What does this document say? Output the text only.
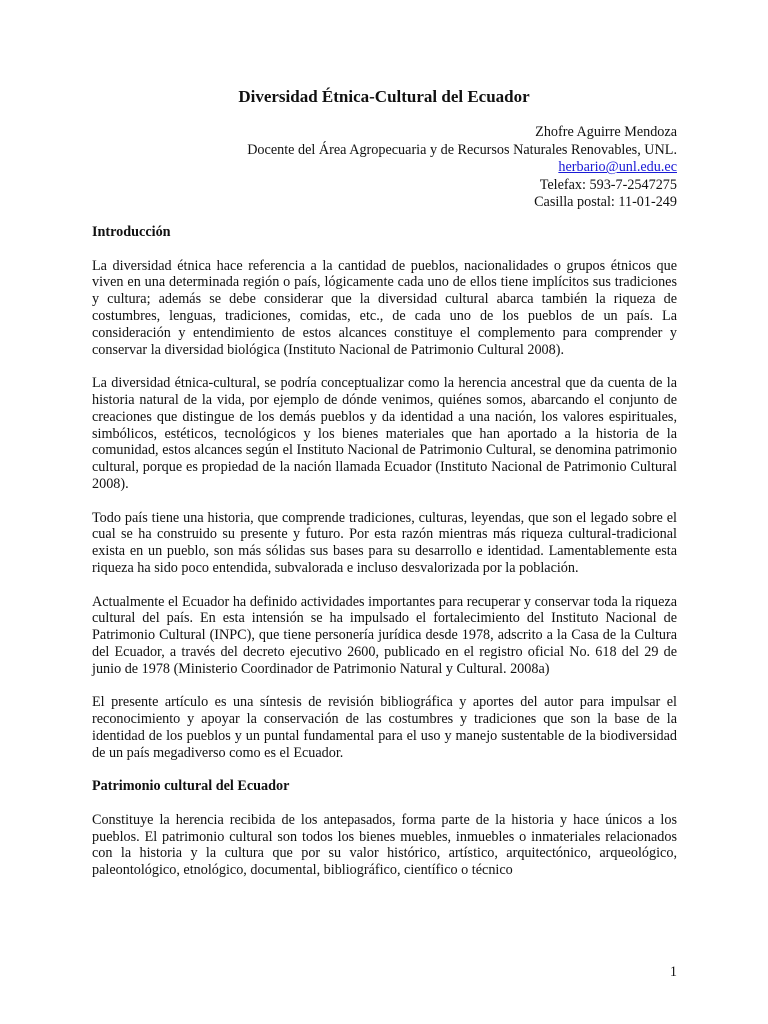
Diversidad Étnica-Cultural del Ecuador
Zhofre Aguirre Mendoza
Docente del Área Agropecuaria y de Recursos Naturales Renovables, UNL.
herbario@unl.edu.ec
Telefax: 593-7-2547275
Casilla postal: 11-01-249
Introducción

La diversidad étnica hace referencia a la cantidad de pueblos, nacionalidades o grupos étnicos que viven en una determinada región o país, lógicamente cada uno de ellos tiene implícitos sus tradiciones y cultura; además se debe considerar que la diversidad cultural abarca también la riqueza de costumbres, lenguas, tradiciones, comidas, etc., de cada uno de los pueblos de un país. La consideración y entendimiento de estos alcances constituye el complemento para comprender y conservar la diversidad biológica (Instituto Nacional de Patrimonio Cultural 2008).

La diversidad étnica-cultural, se podría conceptualizar como la herencia ancestral que da cuenta de la historia natural de la vida, por ejemplo de dónde venimos, quiénes somos, abarcando el conjunto de creaciones que distingue de los demás pueblos y da identidad a una nación, los valores espirituales, simbólicos, estéticos, tecnológicos y los bienes materiales que han aportado a la historia de la comunidad, estos alcances según el Instituto Nacional de Patrimonio Cultural, se denomina patrimonio cultural, porque es propiedad de la nación llamada Ecuador (Instituto Nacional de Patrimonio Cultural 2008).

Todo país tiene una historia, que comprende tradiciones, culturas, leyendas, que son el legado sobre el cual se ha construido su presente y futuro. Por esta razón mientras más riqueza cultural-tradicional exista en un pueblo, son más sólidas sus bases para su desarrollo e identidad. Lamentablemente esta riqueza ha sido poco entendida, subvalorada e incluso desvalorizada por la población.

Actualmente el Ecuador ha definido actividades importantes para recuperar y conservar toda la riqueza cultural del país. En esta intensión se ha impulsado el fortalecimiento del Instituto Nacional de Patrimonio Cultural (INPC), que tiene personería jurídica desde 1978, adscrito a la Casa de la Cultura del Ecuador, a través del decreto ejecutivo 2600, publicado en el registro oficial No. 618 del 29 de junio de 1978 (Ministerio Coordinador de Patrimonio Natural y Cultural. 2008a)

El presente artículo es una síntesis de revisión bibliográfica y aportes del autor para impulsar el reconocimiento y apoyar la conservación de las costumbres y tradiciones que son la base de la identidad de los pueblos y un puntal fundamental para el uso y manejo sustentable de la biodiversidad de un país megadiverso como es el Ecuador.

Patrimonio cultural del Ecuador

Constituye la herencia recibida de los antepasados, forma parte de la historia y hace únicos a los pueblos. El patrimonio cultural son todos los bienes muebles, inmuebles o inmateriales relacionados con la historia y la cultura que por su valor histórico, artístico, arquitectónico, arqueológico, paleontológico, etnológico, documental, bibliográfico, científico o técnico

1
